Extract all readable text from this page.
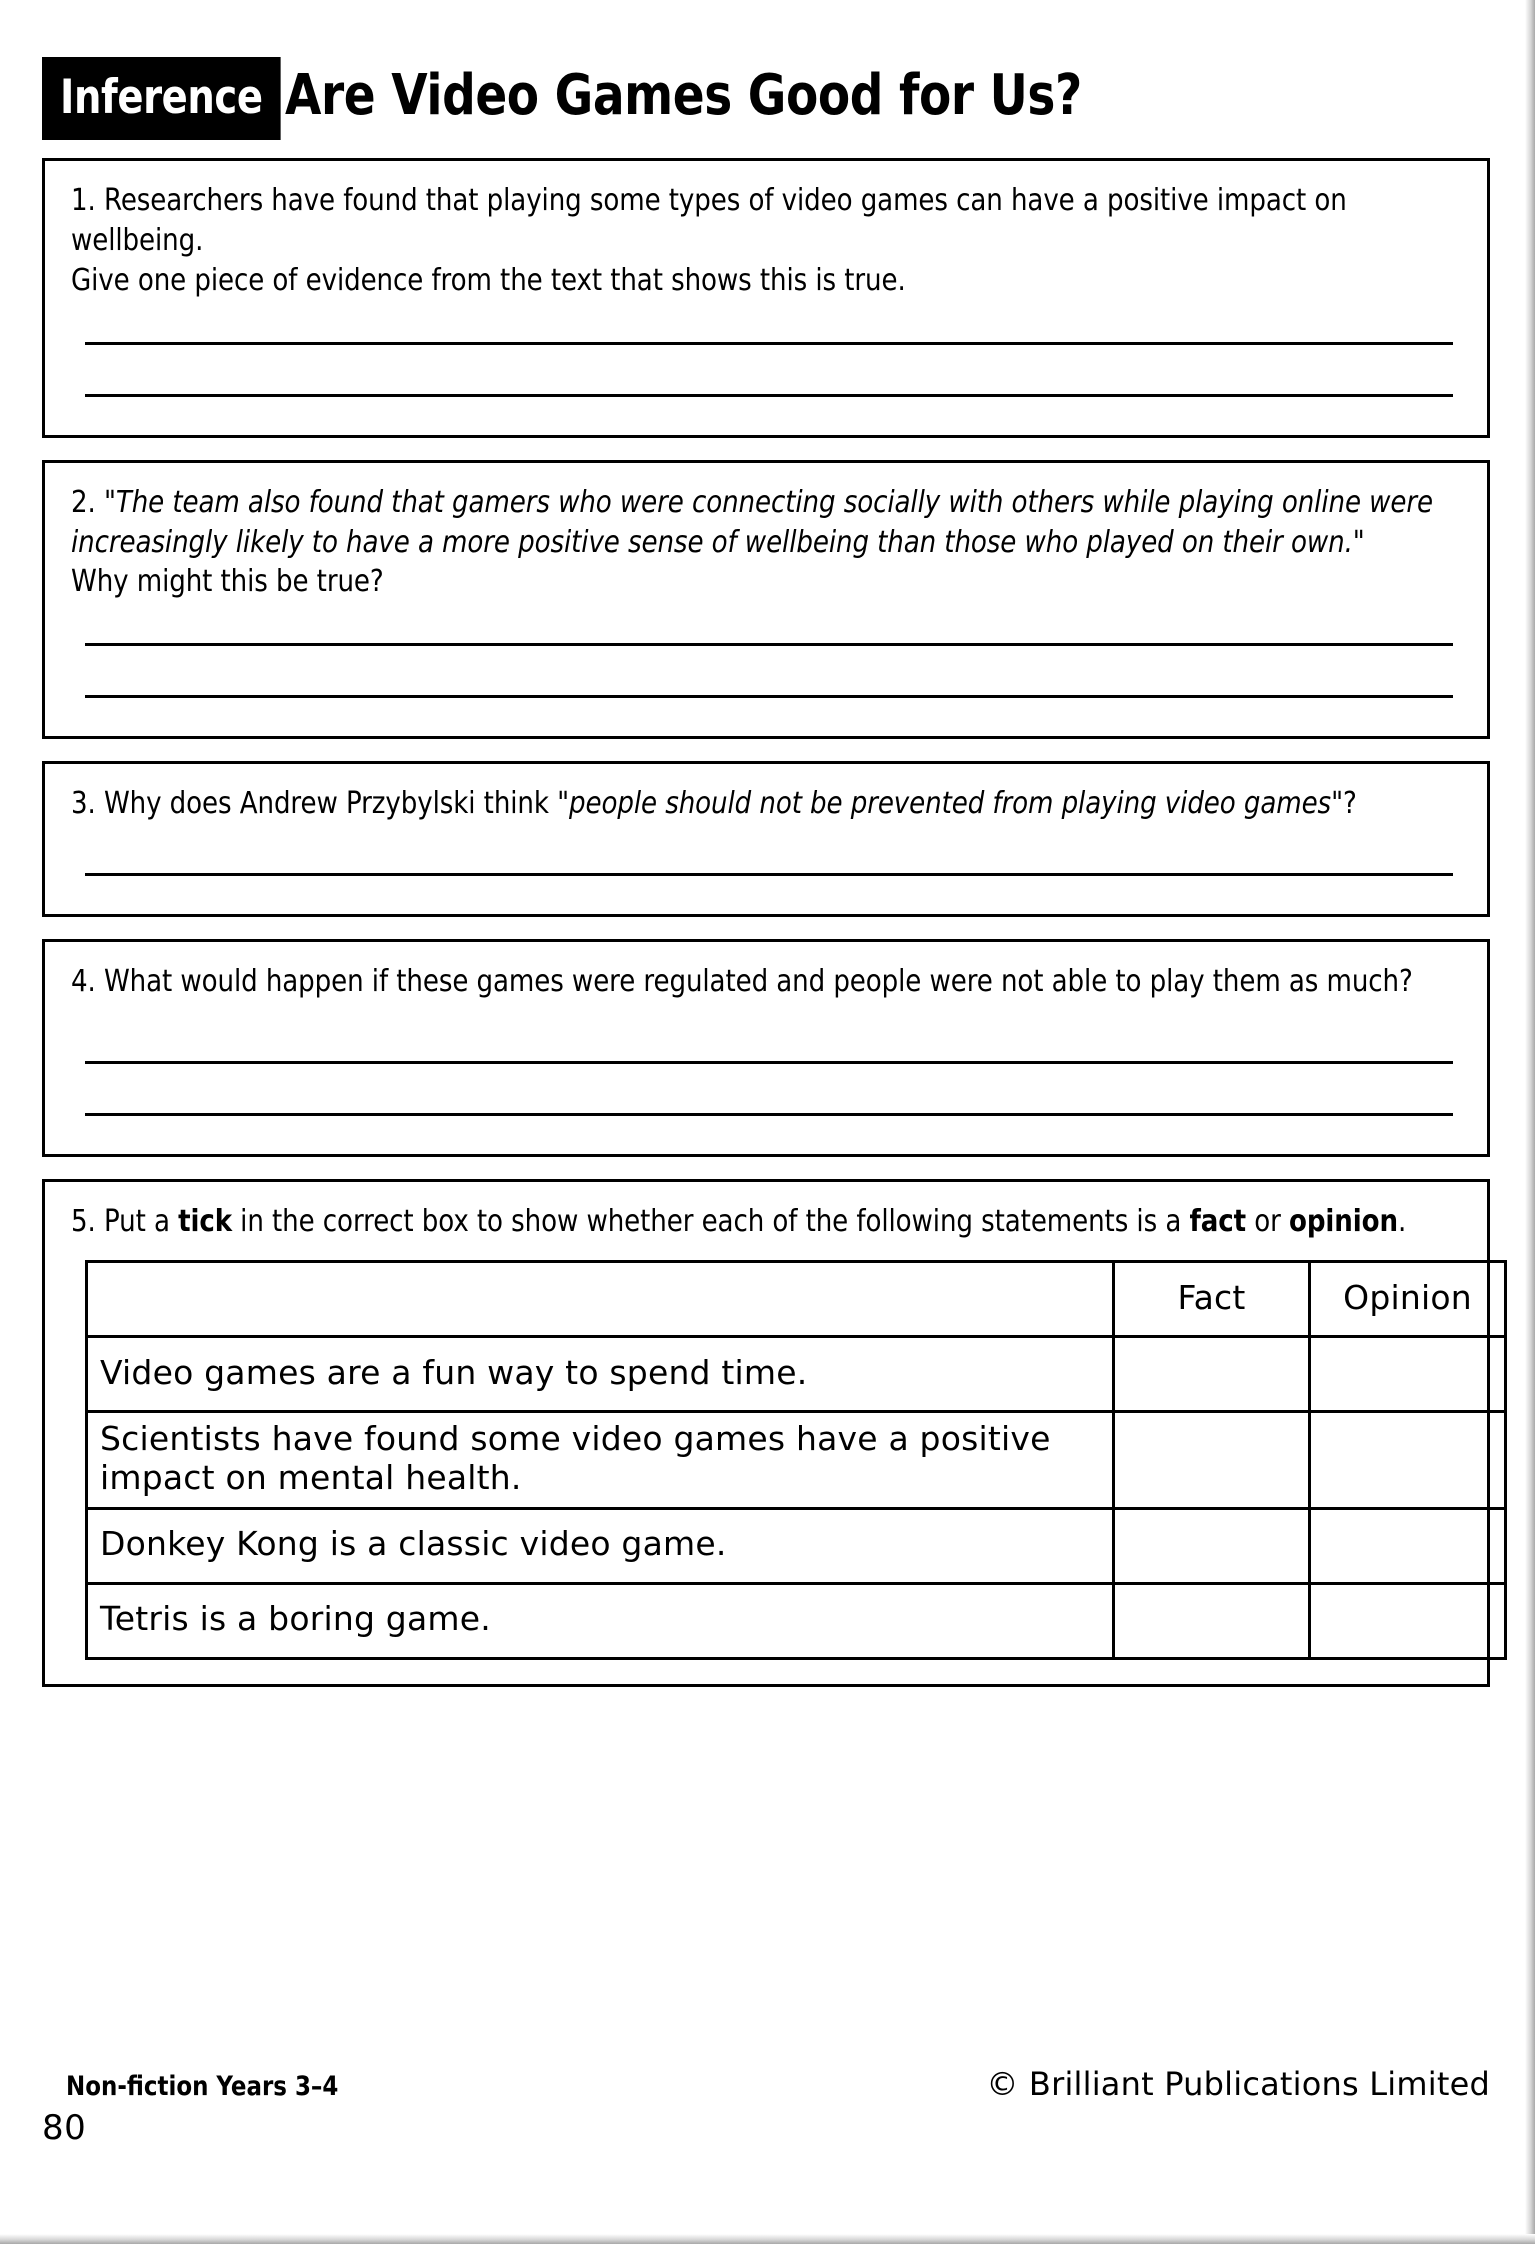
Inference Are Video Games Good for Us?
1. Researchers have found that playing some types of video games can have a positive impact on wellbeing.
Give one piece of evidence from the text that shows this is true.
2. "The team also found that gamers who were connecting socially with others while playing online were increasingly likely to have a more positive sense of wellbeing than those who played on their own."
Why might this be true?
3. Why does Andrew Przybylski think "people should not be prevented from playing video games"?
4. What would happen if these games were regulated and people were not able to play them as much?
5. Put a tick in the correct box to show whether each of the following statements is a fact or opinion.
	Fact	Opinion
Video games are a fun way to spend time.		
Scientists have found some video games have a positive impact on mental health.		
Donkey Kong is a classic video game.		
Tetris is a boring game.		
Non-fiction Years 3–4	© Brilliant Publications Limited
80
